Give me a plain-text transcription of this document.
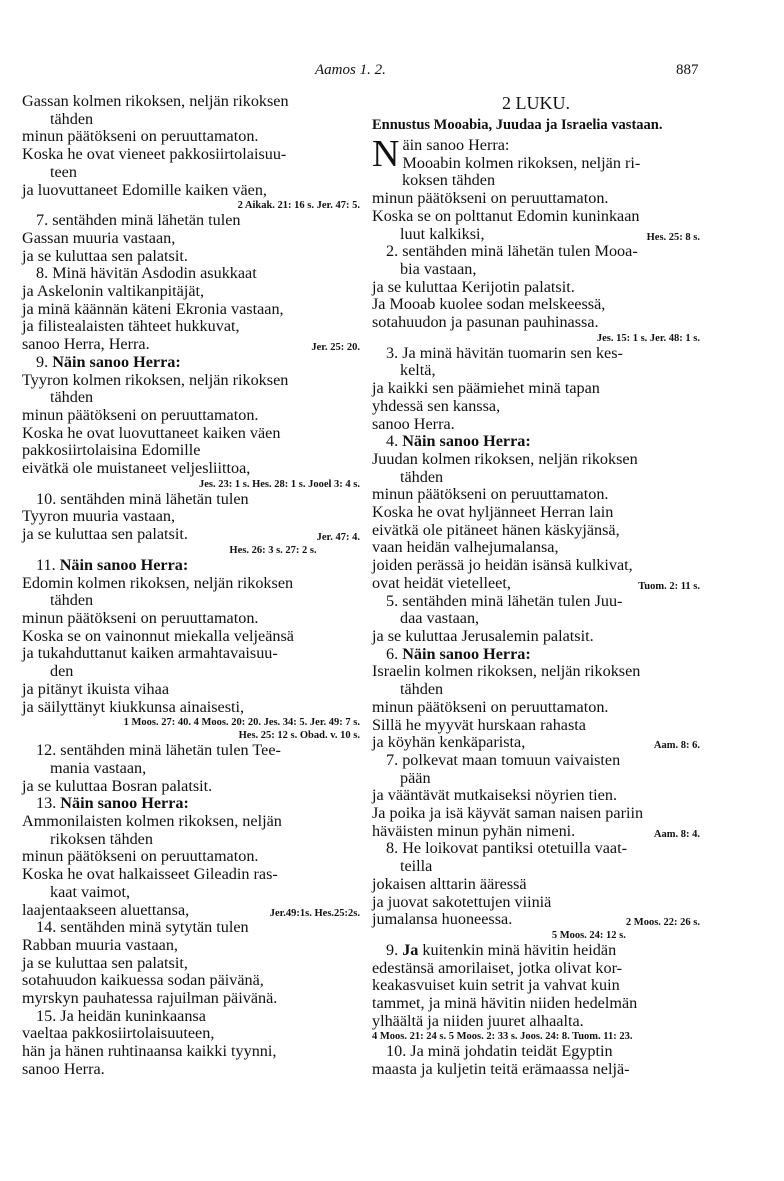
Aamos 1. 2.	887
Gassan kolmen rikoksen, neljän rikoksen
tähden
minun päätökseni on peruuttamaton.
Koska he ovat vieneet pakkosiirtolaisuu-
teen
ja luovuttaneet Edomille kaiken väen,
2 Aikak. 21: 16 s. Jer. 47: 5.
7. sentähden minä lähetän tulen
Gassan muuria vastaan,
ja se kuluttaa sen palatsit.
8. Minä hävitän Asdodin asukkaat
ja Askelonin valtikanpitäjät,
ja minä käännän käteni Ekronia vastaan,
ja filistealaisten tähteet hukkuvat,
sanoo Herra, Herra.	Jer. 25: 20.
9. Näin sanoo Herra:
Tyyron kolmen rikoksen, neljän rikoksen
tähden
minun päätökseni on peruuttamaton.
Koska he ovat luovuttaneet kaiken väen
pakkosiirtolaisina Edomille
eivätkä ole muistaneet veljesliittoa,
Jes. 23: 1 s. Hes. 28: 1 s. Jooel 3: 4 s.
10. sentähden minä lähetän tulen
Tyyron muuria vastaan,
ja se kuluttaa sen palatsit.	Jer. 47: 4.
Hes. 26: 3 s. 27: 2 s.
11. Näin sanoo Herra:
Edomin kolmen rikoksen, neljän rikoksen
tähden
minun päätökseni on peruuttamaton.
Koska se on vainonnut miekalla veljeänsä
ja tukahduttanut kaiken armahtavaisuu-
den
ja pitänyt ikuista vihaa
ja säilyttänyt kiukkunsa ainaisesti,
1 Moos. 27: 40. 4 Moos. 20: 20. Jes. 34: 5. Jer. 49: 7 s.
Hes. 25: 12 s. Obad. v. 10 s.
12. sentähden minä lähetän tulen Tee-
mania vastaan,
ja se kuluttaa Bosran palatsit.
13. Näin sanoo Herra:
Ammonilaisten kolmen rikoksen, neljän
rikoksen tähden
minun päätökseni on peruuttamaton.
Koska he ovat halkaisseet Gileadin ras-
kaat vaimot,
laajentaakseen aluettansa,	Jer.49:1s. Hes.25:2s.
14. sentähden minä sytytän tulen
Rabban muuria vastaan,
ja se kuluttaa sen palatsit,
sotahuudon kaikuessa sodan päivänä,
myrskyn pauhatessa rajuilman päivänä.
15. Ja heidän kuninkaansa
vaeltaa pakkosiirtolaisuuteen,
hän ja hänen ruhtinaansa kaikki tyynni,
sanoo Herra.
2 LUKU.
Ennustus Mooabia, Juudaa ja Israelia vastaan.
N äin sanoo Herra:
Mooabin kolmen rikoksen, neljän ri-
koksen tähden
minun päätökseni on peruuttamaton.
Koska se on polttanut Edomin kuninkaan
luut kalkiksi,	Hes. 25: 8 s.
2. sentähden minä lähetän tulen Mooa-
bia vastaan,
ja se kuluttaa Kerijotin palatsit.
Ja Mooab kuolee sodan melskeessä,
sotahuudon ja pasunan pauhinassa.
Jes. 15: 1 s. Jer. 48: 1 s.
3. Ja minä hävitän tuomarin sen kes-
keltä,
ja kaikki sen päämiehet minä tapan
yhdessä sen kanssa,
sanoo Herra.
4. Näin sanoo Herra:
Juudan kolmen rikoksen, neljän rikoksen
tähden
minun päätökseni on peruuttamaton.
Koska he ovat hyljänneet Herran lain
eivätkä ole pitäneet hänen käskyjänsä,
vaan heidän valhejumalansa,
joiden perässä jo heidän isänsä kulkivat,
ovat heidät vietelleet,	Tuom. 2: 11 s.
5. sentähden minä lähetän tulen Juu-
daa vastaan,
ja se kuluttaa Jerusalemin palatsit.
6. Näin sanoo Herra:
Israelin kolmen rikoksen, neljän rikoksen
tähden
minun päätökseni on peruuttamaton.
Sillä he myyvät hurskaan rahasta
ja köyhän kenkäparista,	Aam. 8: 6.
7. polkevat maan tomuun vaivaisten
pään
ja vääntävät mutkaiseksi nöyrien tien.
Ja poika ja isä käyvät saman naisen pariin
häväisten minun pyhän nimeni.	Aam. 8: 4.
8. He loikovat pantiksi otetuilla vaat-
teilla
jokaisen alttarin ääressä
ja juovat sakotettujen viiniä
jumalansa huoneessa.	2 Moos. 22: 26 s.
5 Moos. 24: 12 s.
9. Ja kuitenkin minä hävitin heidän
edestänsä amorilaiset, jotka olivat kor-
keakasvuiset kuin setrit ja vahvat kuin
tammet, ja minä hävitin niiden hedelmän
ylhäältä ja niiden juuret alhaalta.
4 Moos. 21: 24 s. 5 Moos. 2: 33 s. Joos. 24: 8. Tuom. 11: 23.
10. Ja minä johdatin teidät Egyptin
maasta ja kuljetin teitä erämaassa neljä-
